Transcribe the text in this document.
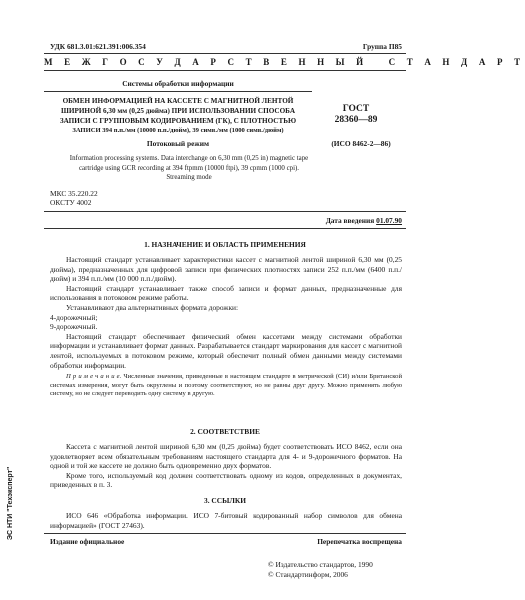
УДК 681.3.01:621.391:006.354	Группа П85
М Е Ж Г О С У Д А Р С Т В Е Н Н Ы Й   С Т А Н Д А Р Т
Системы обработки информации
ОБМЕН ИНФОРМАЦИЕЙ НА КАССЕТЕ С МАГНИТНОЙ ЛЕНТОЙ
ШИРИНОЙ 6,30 мм (0,25 дюйма) ПРИ ИСПОЛЬЗОВАНИИ СПОСОБА
ЗАПИСИ С ГРУППОВЫМ КОДИРОВАНИЕМ (ГК), С ПЛОТНОСТЬЮ
ЗАПИСИ 394 п.п./мм (10000 п.п./дюйм), 39 симв./мм (1000 симв./дюйм)
ГОСТ
28360—89
Потоковый режим	(ИСО 8462-2—86)
Information processing systems. Data interchange on 6,30 mm (0,25 in) magnetic tape
cartridge using GCR recording at 394 ftpmm (10000 ftpi), 39 cpmm (1000 cpi).
Streaming mode
МКС 35.220.22
ОКСТУ 4002
Дата введения 01.07.90
1. НАЗНАЧЕНИЕ И ОБЛАСТЬ ПРИМЕНЕНИЯ

Настоящий стандарт устанавливает характеристики кассет с магнитной лентой шириной 6,30 мм (0,25 дюйма), предназначенных для цифровой записи при физических плотностях записи 252 п.п./мм (6400 п.п./дюйм) и 394 п.п./мм (10 000 п.п./дюйм).

Настоящий стандарт устанавливает также способ записи и формат данных, предназначенные для использования в потоковом режиме работы.

Устанавливают два альтернативных формата дорожки:

4-дорожечный;

9-дорожечный.

Настоящий стандарт обеспечивает физический обмен кассетами между системами обработки информации и устанавливает формат данных. Разрабатывается стандарт маркирования для кассет с магнитной лентой, используемых в потоковом режиме, который обеспечит полный обмен данными между системами обработки информации.

П р и м е ч а н и е. Численные значения, приведенные в настоящем стандарте в метрической (СИ) и/или Британской системах измерения, могут быть округлены и поэтому соответствуют, но не равны друг другу. Можно применять любую систему, но не следует переводить одну систему в другую.

2. СООТВЕТСТВИЕ

Кассета с магнитной лентой шириной 6,30 мм (0,25 дюйма) будет соответствовать ИСО 8462, если она удовлетворяет всем обязательным требованиям настоящего стандарта для 4- и 9-дорожечного форматов. На одной и той же кассете не должно быть одновременно двух форматов.

Кроме того, используемый код должен соответствовать одному из кодов, определенных в документах, приведенных в п. 3.

3. ССЫЛКИ

ИСО 646 «Обработка информации. ИСО 7-битовый кодированный набор символов для обмена информацией» (ГОСТ 27463).

Издание официальное	Перепечатка воспрещена
© Издательство стандартов, 1990
© Стандартинформ, 2006
ЭС НТИ "Техэксперт"
